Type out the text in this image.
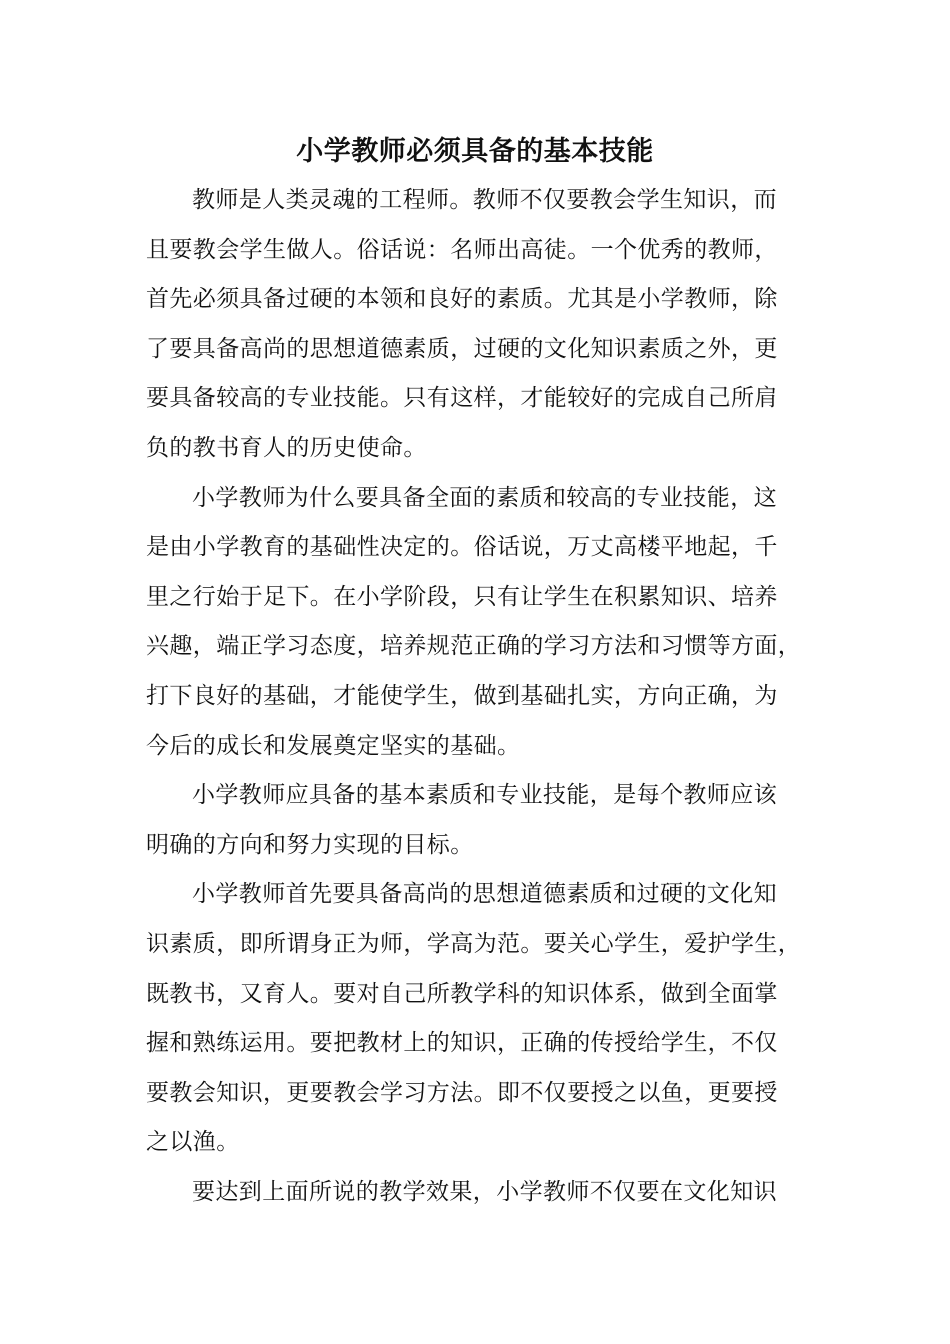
小学教师必须具备的基本技能
教师是人类灵魂的工程师。教师不仅要教会学生知识，而
且要教会学生做人。俗话说：名师出高徒。一个优秀的教师，
首先必须具备过硬的本领和良好的素质。尤其是小学教师，除
了要具备高尚的思想道德素质，过硬的文化知识素质之外，更
要具备较高的专业技能。只有这样，才能较好的完成自己所肩
负的教书育人的历史使命。
小学教师为什么要具备全面的素质和较高的专业技能，这
是由小学教育的基础性决定的。俗话说，万丈高楼平地起，千
里之行始于足下。在小学阶段，只有让学生在积累知识、培养
兴趣，端正学习态度，培养规范正确的学习方法和习惯等方面，
打下良好的基础，才能使学生，做到基础扎实，方向正确，为
今后的成长和发展奠定坚实的基础。
小学教师应具备的基本素质和专业技能，是每个教师应该
明确的方向和努力实现的目标。
小学教师首先要具备高尚的思想道德素质和过硬的文化知
识素质，即所谓身正为师，学高为范。要关心学生，爱护学生，
既教书，又育人。要对自己所教学科的知识体系，做到全面掌
握和熟练运用。要把教材上的知识，正确的传授给学生，不仅
要教会知识，更要教会学习方法。即不仅要授之以鱼，更要授
之以渔。
要达到上面所说的教学效果，小学教师不仅要在文化知识
